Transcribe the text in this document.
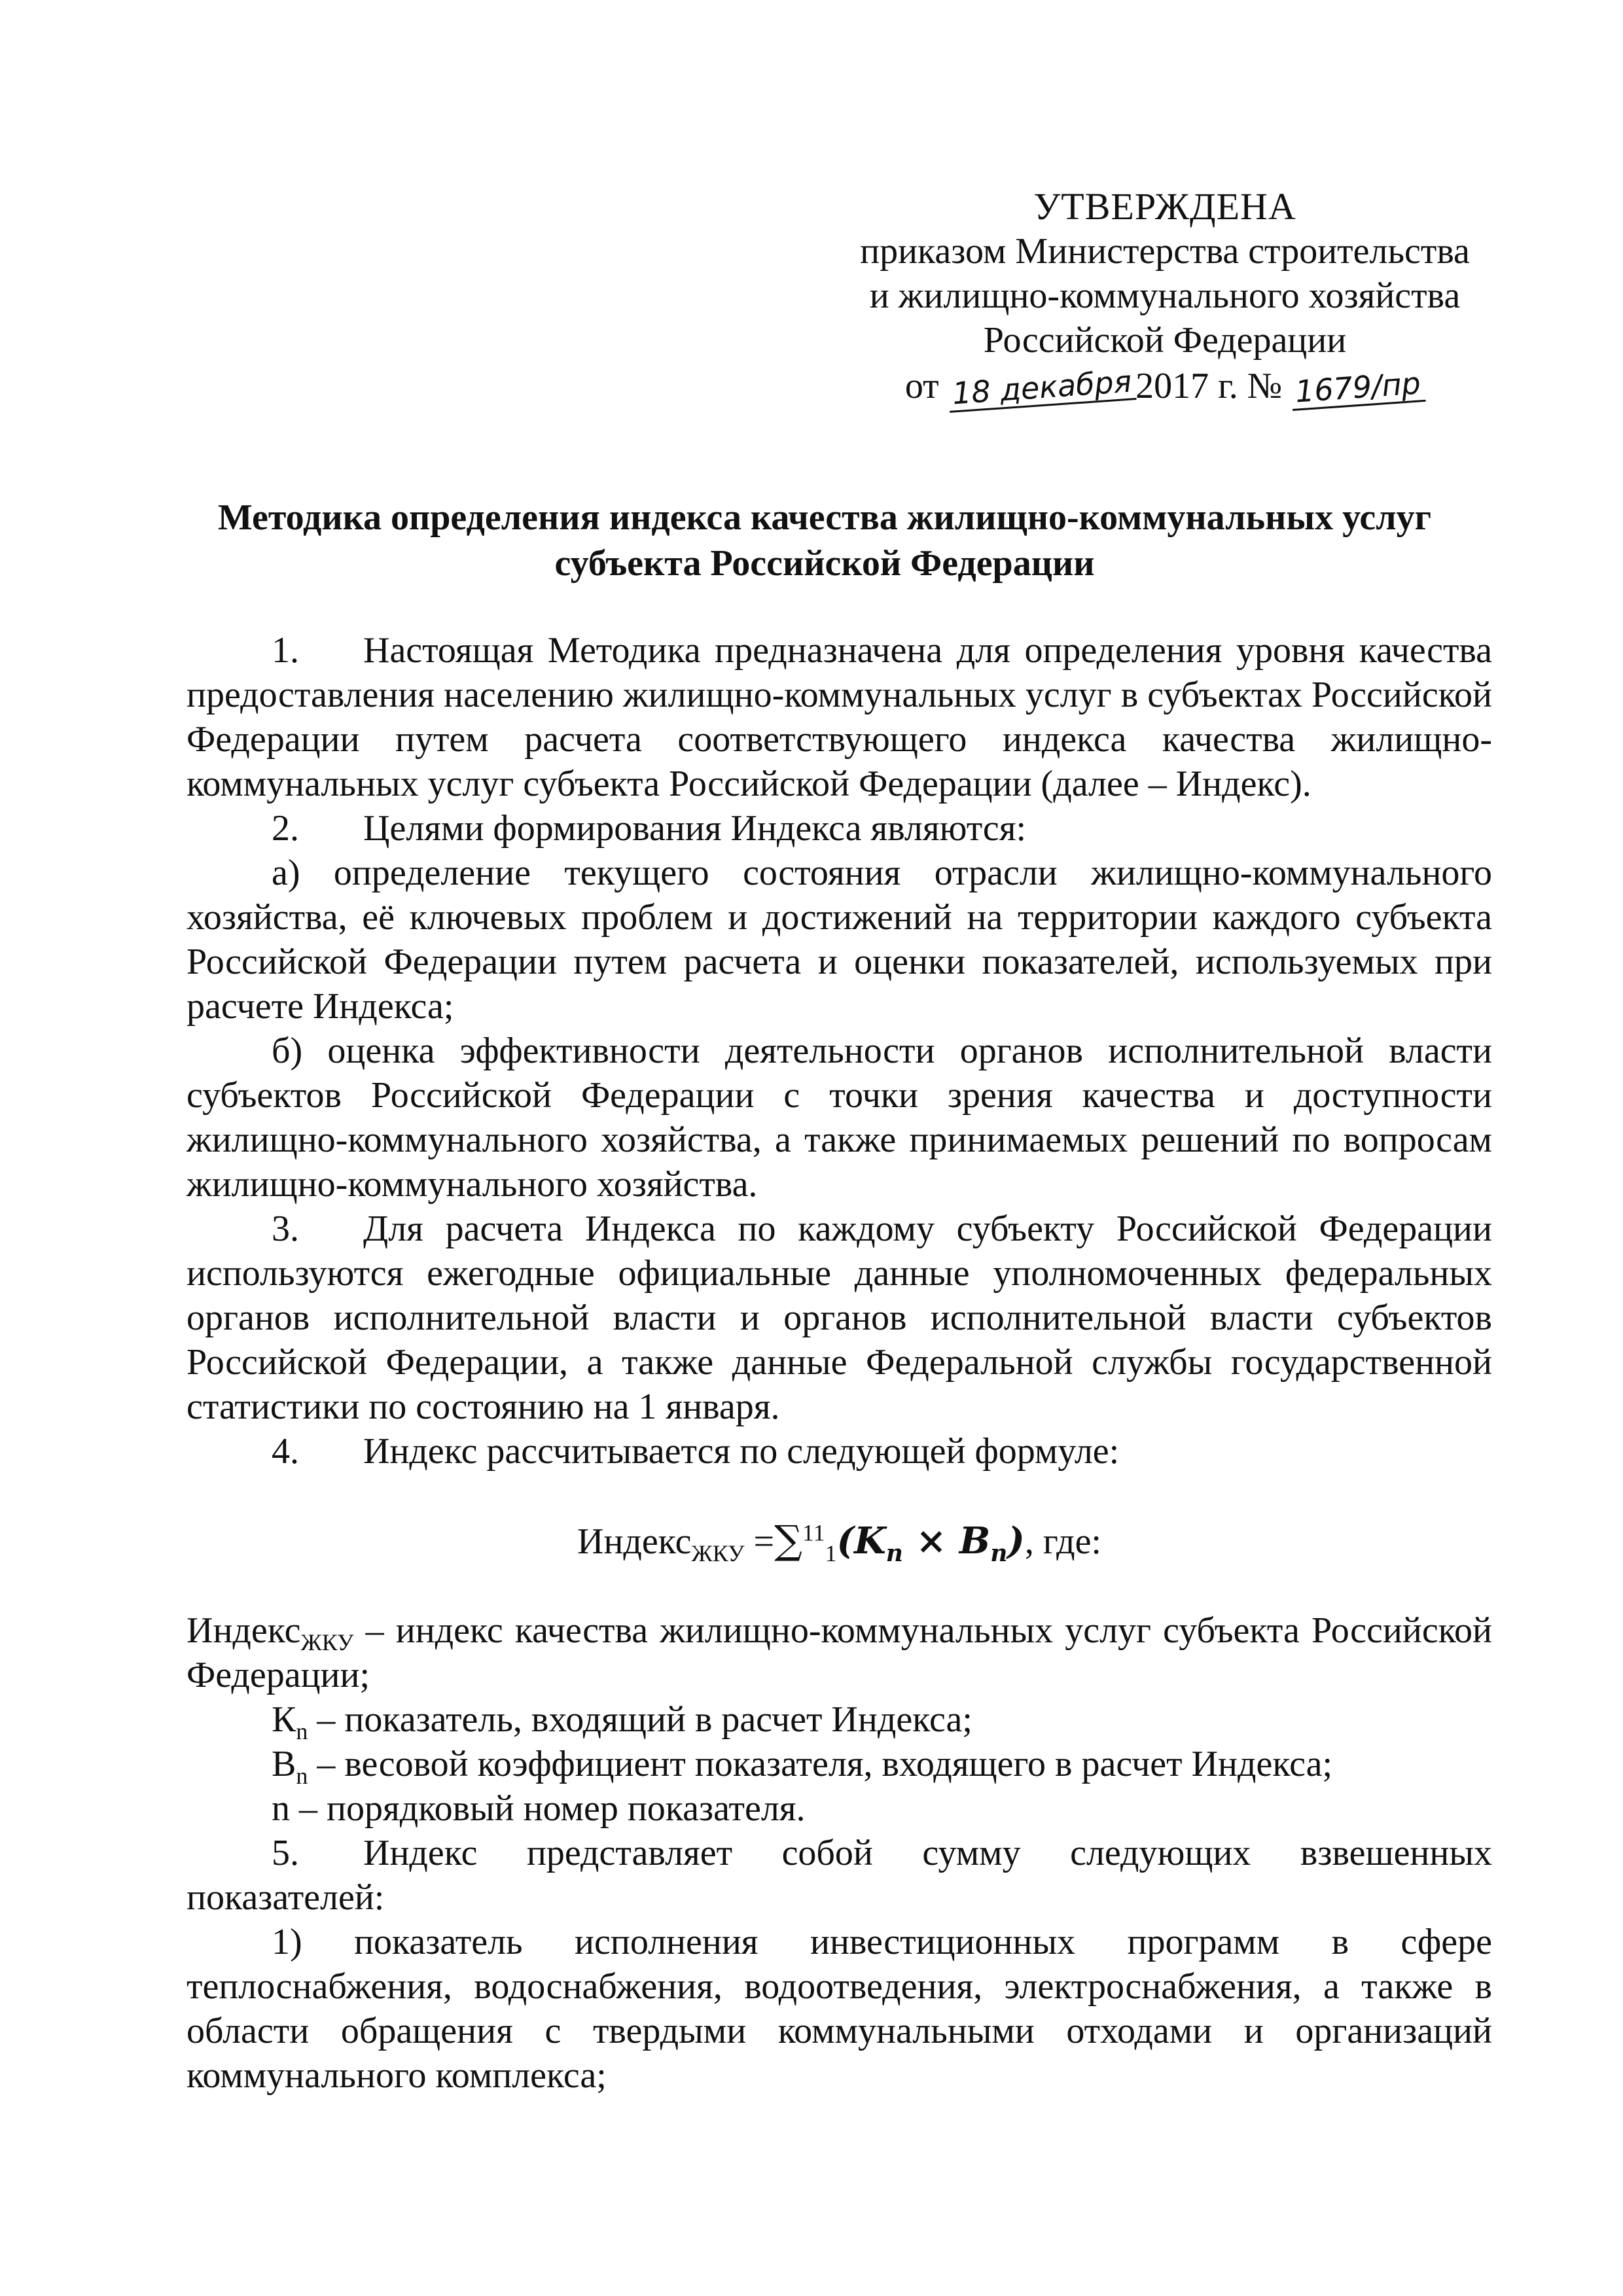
УТВЕРЖДЕНА
приказом Министерства строительства
и жилищно-коммунального хозяйства
Российской Федерации
от 18 декабря2017 г. № 1679/пр
Методика определения индекса качества жилищно-коммунальных услуг
субъекта Российской Федерации

1. Настоящая Методика предназначена для определения уровня качества предоставления населению жилищно-коммунальных услуг в субъектах Российской Федерации путем расчета соответствующего индекса качества жилищно-коммунальных услуг субъекта Российской Федерации (далее – Индекс).

2. Целями формирования Индекса являются:

а) определение текущего состояния отрасли жилищно-коммунального хозяйства, её ключевых проблем и достижений на территории каждого субъекта Российской Федерации путем расчета и оценки показателей, используемых при расчете Индекса;

б) оценка эффективности деятельности органов исполнительной власти субъектов Российской Федерации с точки зрения качества и доступности жилищно-коммунального хозяйства, а также принимаемых решений по вопросам жилищно-коммунального хозяйства.

3. Для расчета Индекса по каждому субъекту Российской Федерации используются ежегодные официальные данные уполномоченных федеральных органов исполнительной власти и органов исполнительной власти субъектов Российской Федерации, а также данные Федеральной службы государственной статистики по состоянию на 1 января.

4. Индекс рассчитывается по следующей формуле:

Индекс$_{ЖКУ}$ $=\sum^{11}_1(K_n \times B_n)$, где:

Индекс$_{ЖКУ}$ – индекс качества жилищно-коммунальных услуг субъекта Российской Федерации;

$К_n$ – показатель, входящий в расчет Индекса;

$В_n$ – весовой коэффициент показателя, входящего в расчет Индекса;

n – порядковый номер показателя.

5. Индекс представляет собой сумму следующих взвешенных показателей:

1) показатель исполнения инвестиционных программ в сфере теплоснабжения, водоснабжения, водоотведения, электроснабжения, а также в области обращения с твердыми коммунальными отходами и организаций коммунального комплекса;
